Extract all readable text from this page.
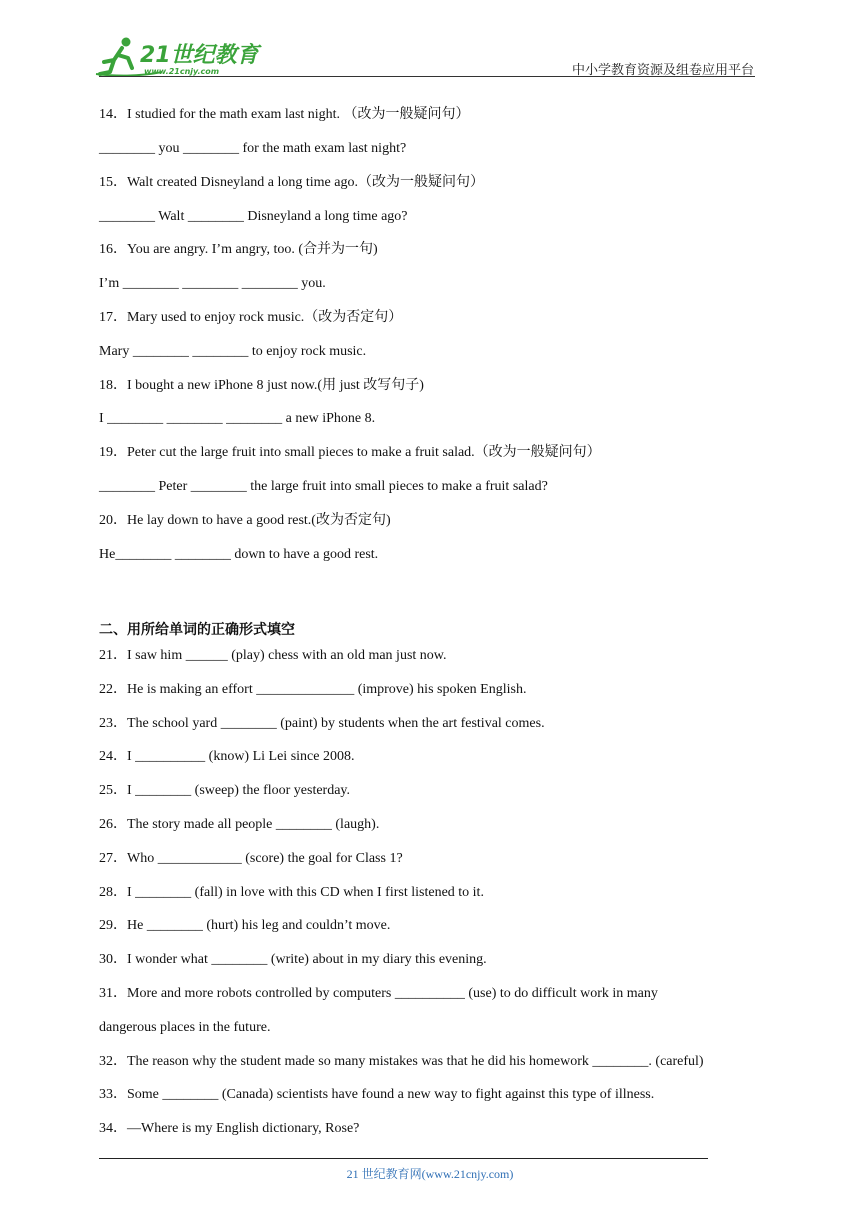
21世纪教育
www.21cnjy.com	中小学教育资源及组卷应用平台
14．I studied for the math exam last night. （改为一般疑问句）
________ you ________ for the math exam last night?
15．Walt created Disneyland a long time ago.（改为一般疑问句）
________ Walt ________ Disneyland a long time ago?
16．You are angry. I’m angry, too. (合并为一句)
I’m ________ ________ ________ you.
17．Mary used to enjoy rock music.（改为否定句）
Mary ________ ________ to enjoy rock music.
18．I bought a new iPhone 8 just now.(用 just 改写句子)
I ________ ________ ________ a new iPhone 8.
19．Peter cut the large fruit into small pieces to make a fruit salad.（改为一般疑问句）
________ Peter ________ the large fruit into small pieces to make a fruit salad?
20．He lay down to have a good rest.(改为否定句)
He________ ________ down to have a good rest.
二、用所给单词的正确形式填空
21．I saw him ______ (play) chess with an old man just now.
22．He is making an effort ______________ (improve) his spoken English.
23．The school yard ________ (paint) by students when the art festival comes.
24．I __________ (know) Li Lei since 2008.
25．I ________ (sweep) the floor yesterday.
26．The story made all people ________ (laugh).
27．Who ____________ (score) the goal for Class 1?
28．I ________ (fall) in love with this CD when I first listened to it.
29．He ________ (hurt) his leg and couldn’t move.
30．I wonder what ________ (write) about in my diary this evening.
31．More and more robots controlled by computers __________ (use) to do difficult work in many
dangerous places in the future.
32．The reason why the student made so many mistakes was that he did his homework ________. (careful)
33．Some ________ (Canada) scientists have found a new way to fight against this type of illness.
34．—Where is my English dictionary, Rose?
21 世纪教育网(www.21cnjy.com)
